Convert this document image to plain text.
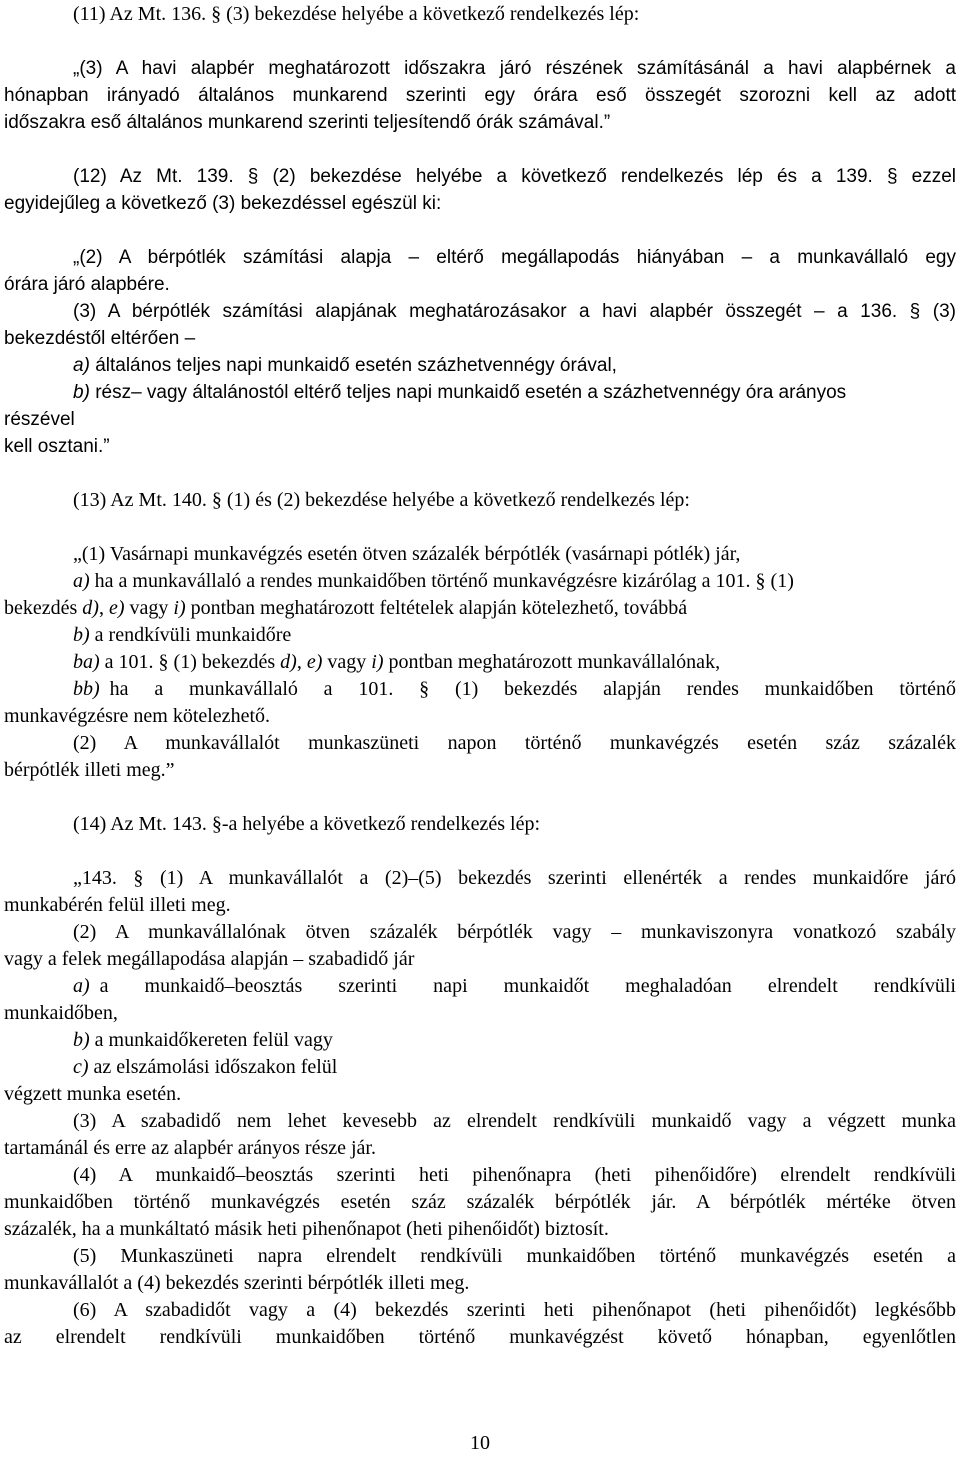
(11) Az Mt. 136. § (3) bekezdése helyébe a következő rendelkezés lép:
„(3) A havi alapbér meghatározott időszakra járó részének számításánál a havi alapbérnek a
hónapban irányadó általános munkarend szerinti egy órára eső összegét szorozni kell az adott
időszakra eső általános munkarend szerinti teljesítendő órák számával.”
(12) Az Mt. 139. § (2) bekezdése helyébe a következő rendelkezés lép és a 139. § ezzel
egyidejűleg a következő (3) bekezdéssel egészül ki:
„(2) A bérpótlék számítási alapja – eltérő megállapodás hiányában – a munkavállaló egy
órára járó alapbére.
(3) A bérpótlék számítási alapjának meghatározásakor a havi alapbér összegét – a 136. § (3)
bekezdéstől eltérően –
a) általános teljes napi munkaidő esetén százhetvennégy órával,
b) rész– vagy általánostól eltérő teljes napi munkaidő esetén a százhetvennégy óra arányos
részével
kell osztani.”
(13) Az Mt. 140. § (1) és (2) bekezdése helyébe a következő rendelkezés lép:
„(1) Vasárnapi munkavégzés esetén ötven százalék bérpótlék (vasárnapi pótlék) jár,
a) ha a munkavállaló a rendes munkaidőben történő munkavégzésre kizárólag a 101. § (1)
bekezdés d), e) vagy i) pontban meghatározott feltételek alapján kötelezhető, továbbá
b) a rendkívüli munkaidőre
ba) a 101. § (1) bekezdés d), e) vagy i) pontban meghatározott munkavállalónak,
bb) ha a munkavállaló a 101. § (1) bekezdés alapján rendes munkaidőben történő
munkavégzésre nem kötelezhető.
(2) A munkavállalót munkaszüneti napon történő munkavégzés esetén száz százalék
bérpótlék illeti meg.”
(14) Az Mt. 143. §-a helyébe a következő rendelkezés lép:
„143. § (1) A munkavállalót a (2)–(5) bekezdés szerinti ellenérték a rendes munkaidőre járó
munkabérén felül illeti meg.
(2) A munkavállalónak ötven százalék bérpótlék vagy – munkaviszonyra vonatkozó szabály
vagy a felek megállapodása alapján – szabadidő jár
a) a munkaidő–beosztás szerinti napi munkaidőt meghaladóan elrendelt rendkívüli
munkaidőben,
b) a munkaidőkereten felül vagy
c) az elszámolási időszakon felül
végzett munka esetén.
(3) A szabadidő nem lehet kevesebb az elrendelt rendkívüli munkaidő vagy a végzett munka
tartamánál és erre az alapbér arányos része jár.
(4) A munkaidő–beosztás szerinti heti pihenőnapra (heti pihenőidőre) elrendelt rendkívüli
munkaidőben történő munkavégzés esetén száz százalék bérpótlék jár. A bérpótlék mértéke ötven
százalék, ha a munkáltató másik heti pihenőnapot (heti pihenőidőt) biztosít.
(5) Munkaszüneti napra elrendelt rendkívüli munkaidőben történő munkavégzés esetén a
munkavállalót a (4) bekezdés szerinti bérpótlék illeti meg.
(6) A szabadidőt vagy a (4) bekezdés szerinti heti pihenőnapot (heti pihenőidőt) legkésőbb
az elrendelt rendkívüli munkaidőben történő munkavégzést követő hónapban, egyenlőtlen
10
